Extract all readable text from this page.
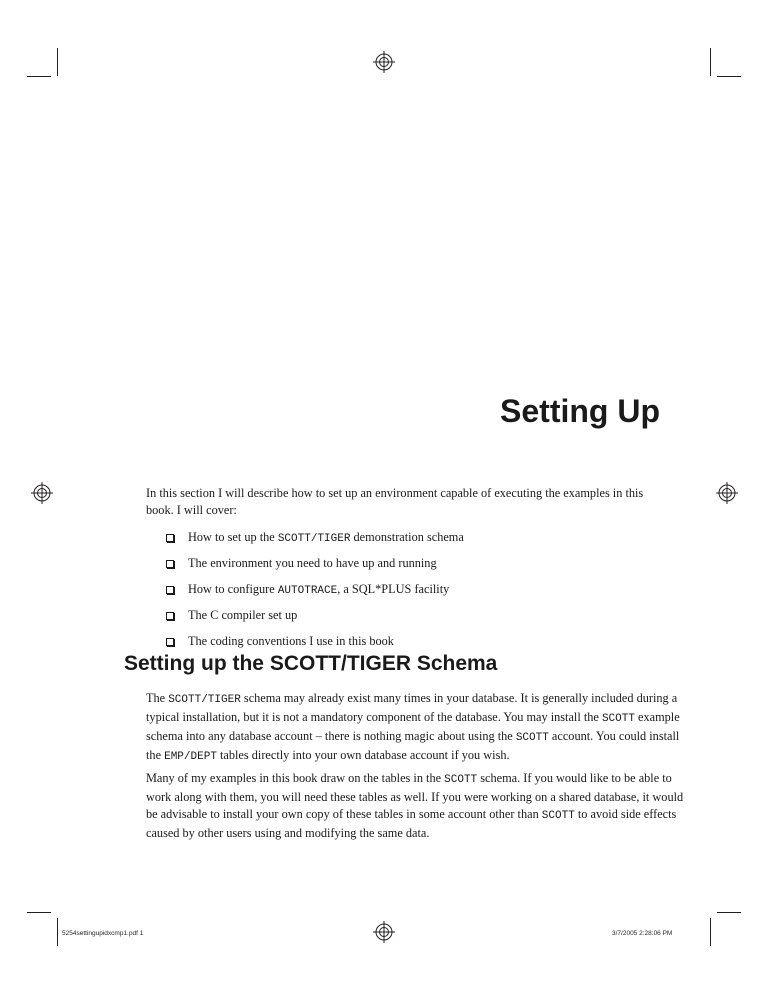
Setting Up

In this section I will describe how to set up an environment capable of executing the examples in this book. I will cover:

How to set up the SCOTT/TIGER demonstration schema
The environment you need to have up and running
How to configure AUTOTRACE, a SQL*PLUS facility
The C compiler set up
The coding conventions I use in this book
Setting up the SCOTT/TIGER Schema

The SCOTT/TIGER schema may already exist many times in your database. It is generally included during a typical installation, but it is not a mandatory component of the database. You may install the SCOTT example schema into any database account – there is nothing magic about using the SCOTT account. You could install the EMP/DEPT tables directly into your own database account if you wish.

Many of my examples in this book draw on the tables in the SCOTT schema. If you would like to be able to work along with them, you will need these tables as well. If you were working on a shared database, it would be advisable to install your own copy of these tables in some account other than SCOTT to avoid side effects caused by other users using and modifying the same data.

5254settingupidxcmp1.pdf 1	3/7/2005 2:28:06 PM
